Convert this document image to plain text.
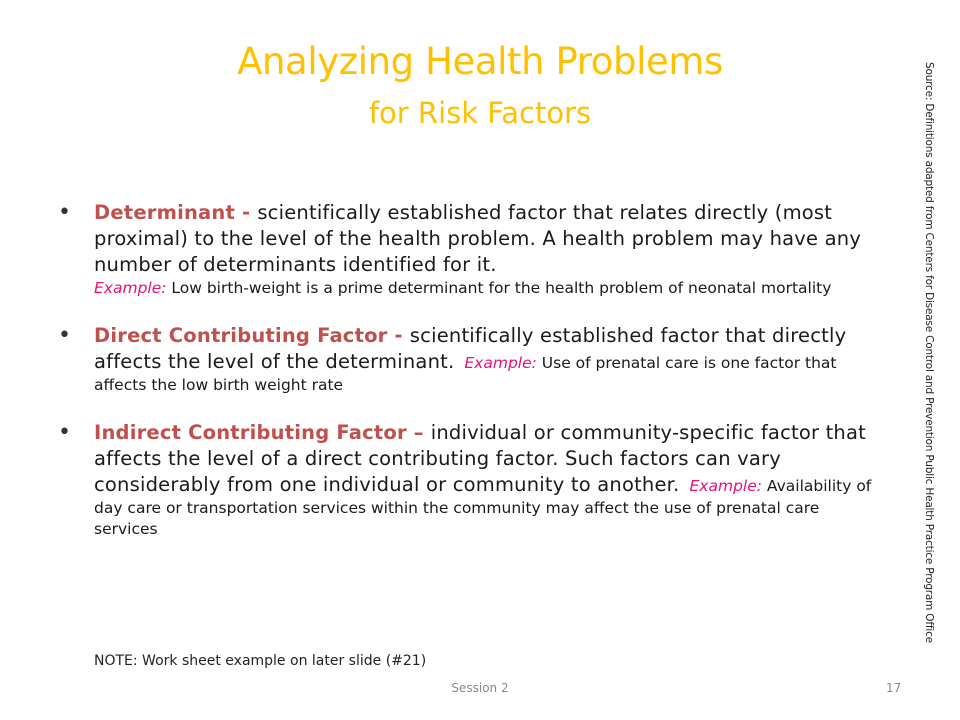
Analyzing Health Problems
for Risk Factors
• Determinant - scientifically established factor that relates directly (most proximal) to the level of the health problem. A health problem may have any number of determinants identified for it.
Example: Low birth-weight is a prime determinant for the health problem of neonatal mortality
• Direct Contributing Factor - scientifically established factor that directly affects the level of the determinant. Example: Use of prenatal care is one factor that affects the low birth weight rate
• Indirect Contributing Factor – individual or community-specific factor that affects the level of a direct contributing factor. Such factors can vary considerably from one individual or community to another. Example: Availability of day care or transportation services within the community may affect the use of prenatal care services
NOTE: Work sheet example on later slide (#21)
Session 2	17
Source: Definitions adapted from Centers for Disease Control and Prevention Public Health Practice Program Office
